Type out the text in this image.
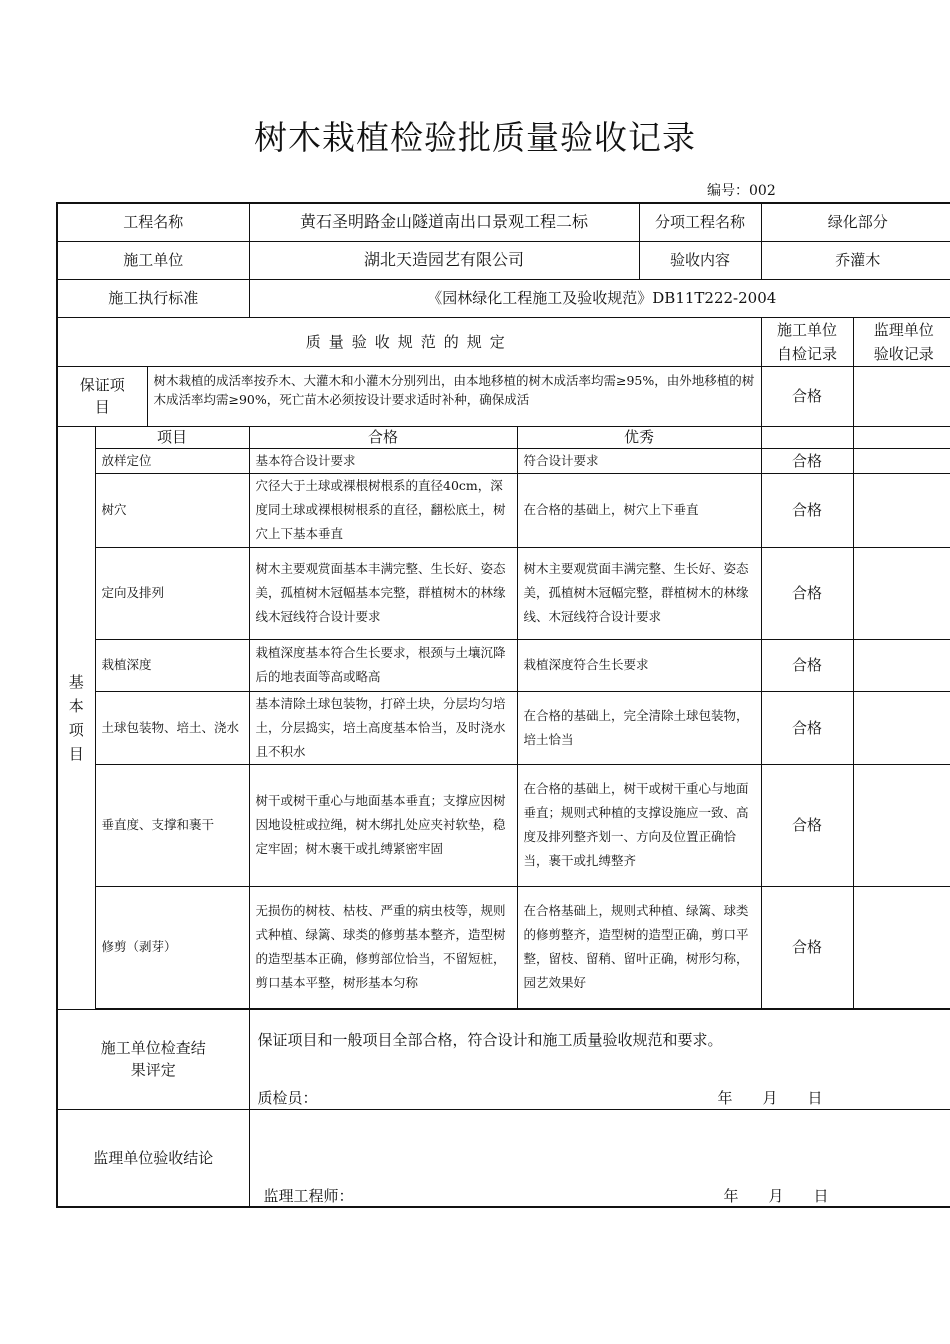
树木栽植检验批质量验收记录
编号：002
工程名称			黄石圣明路金山隧道南出口景观工程二标		分项工程名称	绿化部分	
施工单位			湖北天造园艺有限公司		验收内容	乔灌木	
施工执行标准			《园林绿化工程施工及验收规范》DB11T222-2004				
质量验收规范的规定						施工单位自检记录	监理单位验收记录
保证项目		树木栽植的成活率按乔木、大灌木和小灌木分别列出，由本地移植的树木成活率均需≥95%，由外地移植的树木成活率均需≥90%，死亡苗木必须按设计要求适时补种，确保成活				合格	
基本项目	项目		合格	优秀			
	放样定位		基本符合设计要求	符合设计要求		合格	
	树穴		穴径大于土球或裸根树根系的直径40cm，深度同土球或裸根树根系的直径，翻松底土，树穴上下基本垂直	在合格的基础上，树穴上下垂直		合格	
	定向及排列		树木主要观赏面基本丰满完整、生长好、姿态美，孤植树木冠幅基本完整，群植树木的林缘线木冠线符合设计要求	树木主要观赏面丰满完整、生长好、姿态美，孤植树木冠幅完整，群植树木的林缘线、木冠线符合设计要求		合格	
	栽植深度		栽植深度基本符合生长要求，根颈与土壤沉降后的地表面等高或略高	栽植深度符合生长要求		合格	
	土球包装物、培土、浇水		基本清除土球包装物，打碎土块，分层均匀培土，分层捣实，培土高度基本恰当，及时浇水且不积水	在合格的基础上，完全清除土球包装物，培土恰当		合格	
	垂直度、支撑和裹干		树干或树干重心与地面基本垂直；支撑应因树因地设桩或拉绳，树木绑扎处应夹衬软垫，稳定牢固；树木裹干或扎缚紧密牢固	在合格的基础上，树干或树干重心与地面垂直；规则式种植的支撑设施应一致、高度及排列整齐划一、方向及位置正确恰当，裹干或扎缚整齐		合格	
	修剪（剥芽）		无损伤的树枝、枯枝、严重的病虫枝等，规则式种植、绿篱、球类的修剪基本整齐，造型树的造型基本正确，修剪部位恰当，不留短桩，剪口基本平整，树形基本匀称	在合格基础上，规则式种植、绿篱、球类的修剪整齐，造型树的造型正确，剪口平整，留枝、留稍、留叶正确，树形匀称，园艺效果好		合格	

施工单位检查结果评定			保证项目和一般项目全部合格，符合设计和施工质量验收规范和要求。
质检员： 年　　月　　日				

监理单位验收结论			监理工程师： 年　　月　　日				
